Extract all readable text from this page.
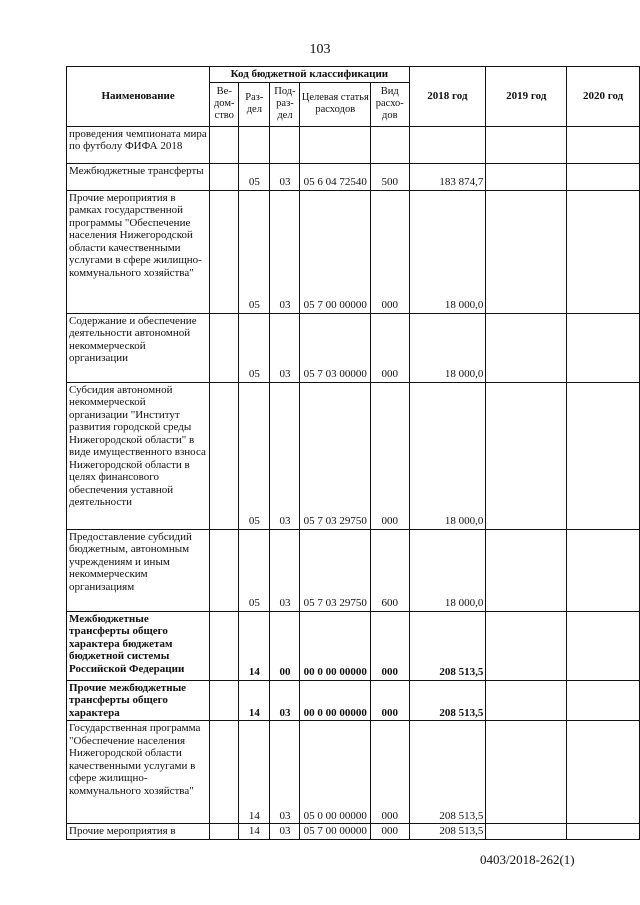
103
Наименование	Код бюджетной классификации					2018 год	2019 год	2020 год
	Ве-дом-ство	Раз-дел	Под-раз-дел	Целевая статья расходов	Вид расхо-дов			
проведения чемпионата мира по футболу ФИФА 2018								
Межбюджетные трансферты		05	03	05 6 04 72540	500	183 874,7		
Прочие мероприятия в рамках государственной программы "Обеспечение населения Нижегородской области качественными услугами в сфере жилищно-коммунального хозяйства"		05	03	05 7 00 00000	000	18 000,0		
Содержание и обеспечение деятельности автономной некоммерческой организации		05	03	05 7 03 00000	000	18 000,0		
Субсидия автономной некоммерческой организации "Институт развития городской среды Нижегородской области" в виде имущественного взноса Нижегородской области в целях финансового обеспечения уставной деятельности		05	03	05 7 03 29750	000	18 000,0		
Предоставление субсидий бюджетным, автономным учреждениям и иным некоммерческим организациям		05	03	05 7 03 29750	600	18 000,0		
Межбюджетные трансферты общего характера бюджетам бюджетной системы Российской Федерации		14	00	00 0 00 00000	000	208 513,5		
Прочие межбюджетные трансферты общего характера		14	03	00 0 00 00000	000	208 513,5		
Государственная программа "Обеспечение населения Нижегородской области качественными услугами в сфере жилищно-коммунального хозяйства"		14	03	05 0 00 00000	000	208 513,5		
Прочие мероприятия в		14	03	05 7 00 00000	000	208 513,5		
0403/2018-262(1)
